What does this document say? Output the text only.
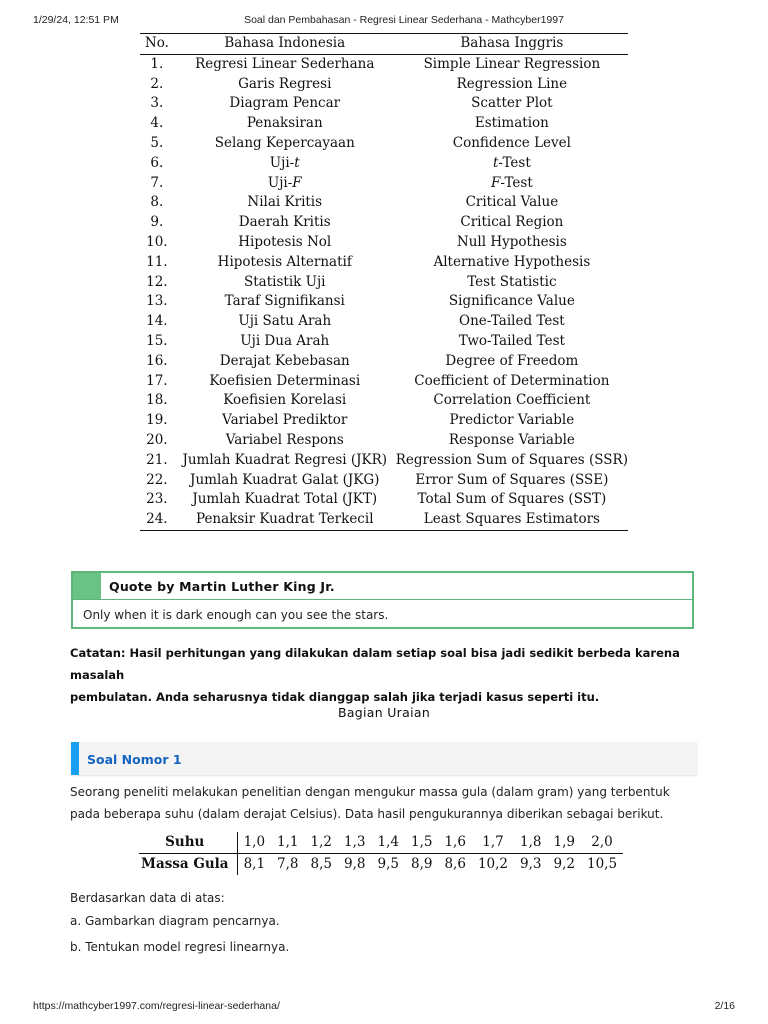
1/29/24, 12:51 PM	Soal dan Pembahasan - Regresi Linear Sederhana - Mathcyber1997
No.	Bahasa Indonesia	Bahasa Inggris
1.	Regresi Linear Sederhana	Simple Linear Regression
2.	Garis Regresi	Regression Line
3.	Diagram Pencar	Scatter Plot
4.	Penaksiran	Estimation
5.	Selang Kepercayaan	Confidence Level
6.	Uji-t	t-Test
7.	Uji-F	F-Test
8.	Nilai Kritis	Critical Value
9.	Daerah Kritis	Critical Region
10.	Hipotesis Nol	Null Hypothesis
11.	Hipotesis Alternatif	Alternative Hypothesis
12.	Statistik Uji	Test Statistic
13.	Taraf Signifikansi	Significance Value
14.	Uji Satu Arah	One-Tailed Test
15.	Uji Dua Arah	Two-Tailed Test
16.	Derajat Kebebasan	Degree of Freedom
17.	Koefisien Determinasi	Coefficient of Determination
18.	Koefisien Korelasi	Correlation Coefficient
19.	Variabel Prediktor	Predictor Variable
20.	Variabel Respons	Response Variable
21.	Jumlah Kuadrat Regresi (JKR)	Regression Sum of Squares (SSR)
22.	Jumlah Kuadrat Galat (JKG)	Error Sum of Squares (SSE)
23.	Jumlah Kuadrat Total (JKT)	Total Sum of Squares (SST)
24.	Penaksir Kuadrat Terkecil	Least Squares Estimators
Quote by Martin Luther King Jr.
Only when it is dark enough can you see the stars.
Catatan: Hasil perhitungan yang dilakukan dalam setiap soal bisa jadi sedikit berbeda karena masalah
pembulatan. Anda seharusnya tidak dianggap salah jika terjadi kasus seperti itu.
Bagian Uraian
Soal Nomor 1
Seorang peneliti melakukan penelitian dengan mengukur massa gula (dalam gram) yang terbentuk
pada beberapa suhu (dalam derajat Celsius). Data hasil pengukurannya diberikan sebagai berikut.
Suhu	1,0	1,1	1,2	1,3	1,4	1,5	1,6	1,7	1,8	1,9	2,0
Massa Gula	8,1	7,8	8,5	9,8	9,5	8,9	8,6	10,2	9,3	9,2	10,5
Berdasarkan data di atas:
a. Gambarkan diagram pencarnya.
b. Tentukan model regresi linearnya.
https://mathcyber1997.com/regresi-linear-sederhana/	2/16
